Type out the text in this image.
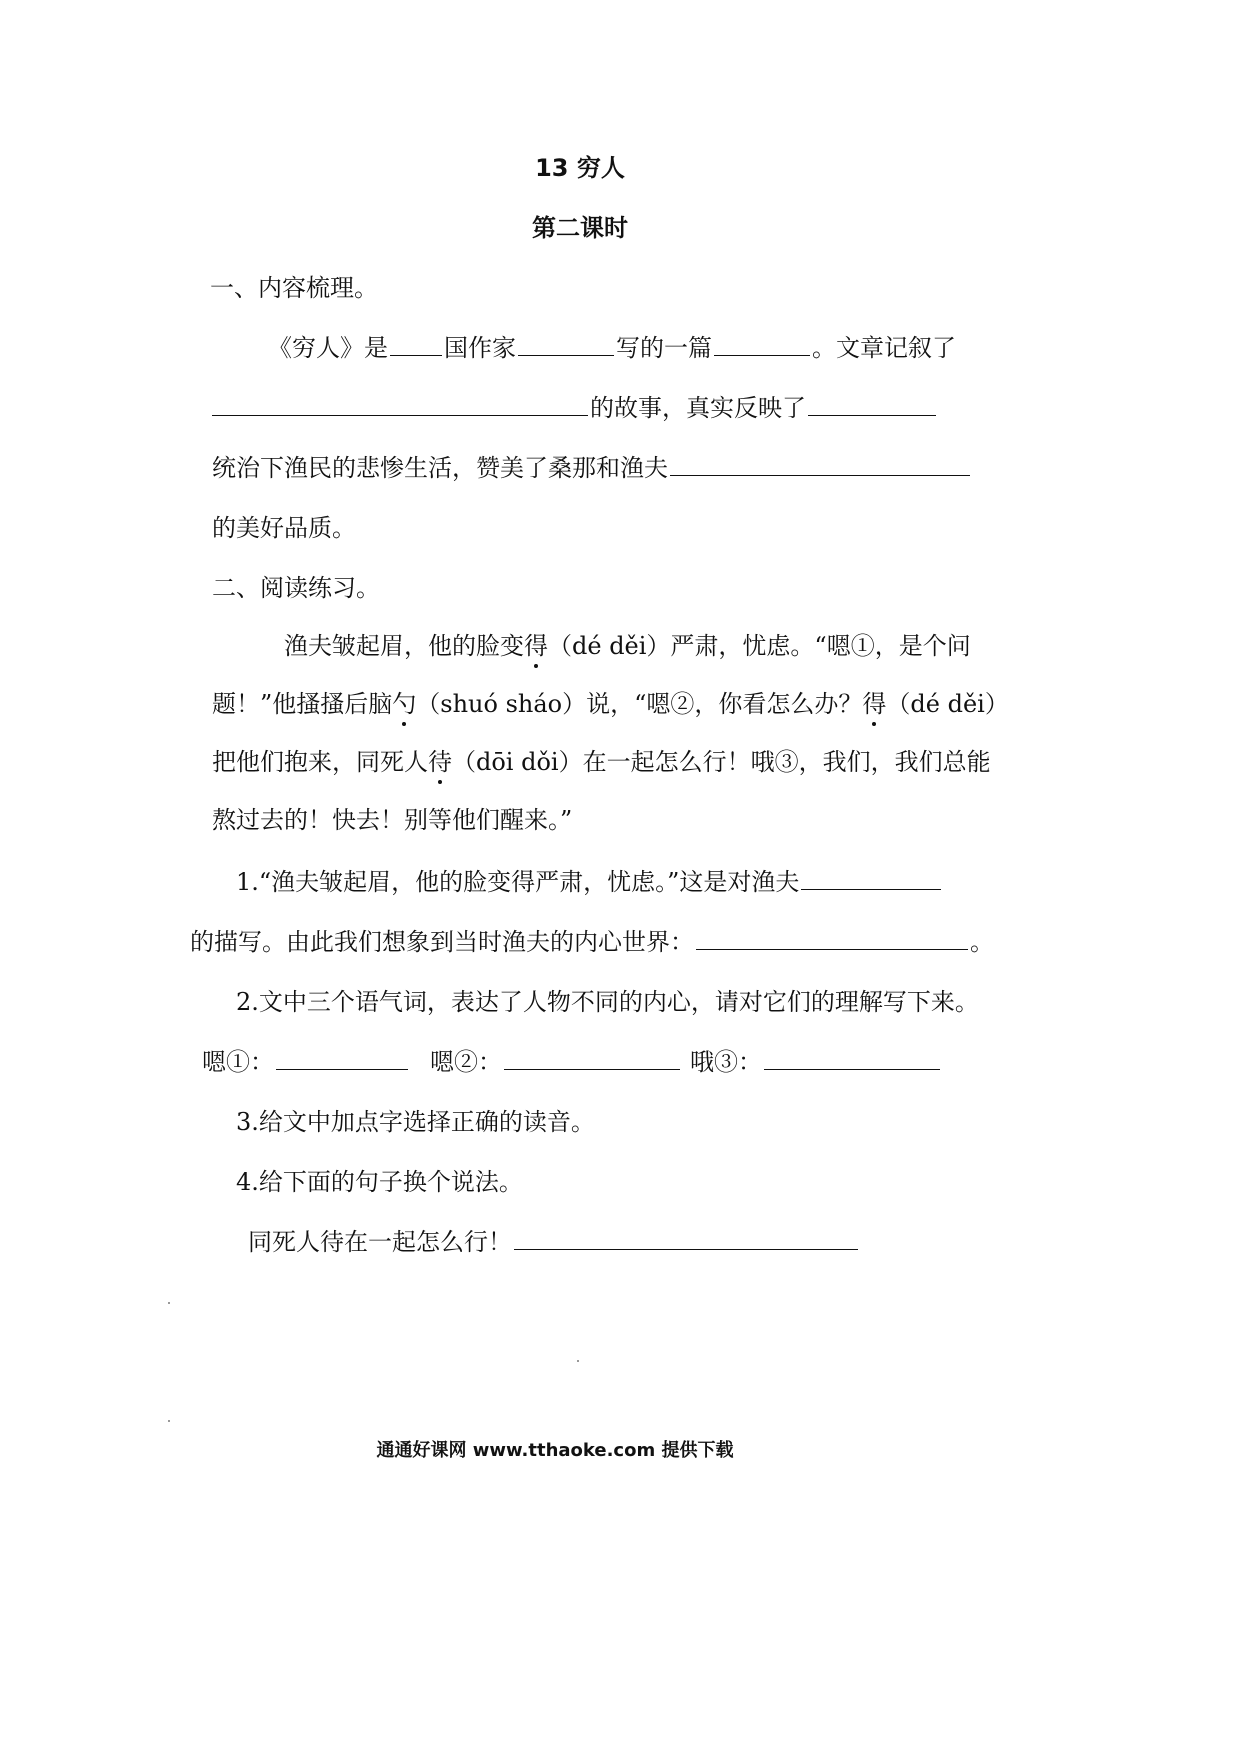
13 穷人
第二课时
一、内容梳理。
《穷人》是 国作家	写的一篇	。文章记叙了
的故事，真实反映了
统治下渔民的悲惨生活，赞美了桑那和渔夫
的美好品质。
二、阅读练习。
渔夫皱起眉，他的脸变得（dé děi）严肃，忧虑。“嗯①，是个问
题！”他搔搔后脑勺（shuó sháo）说，“嗯②，你看怎么办？得（dé děi）
把他们抱来，同死人待（dōi dǒi）在一起怎么行！哦③，我们，我们总能
熬过去的！快去！别等他们醒来。”
1.“渔夫皱起眉，他的脸变得严肃，忧虑。”这是对渔夫
的描写。由此我们想象到当时渔夫的内心世界：	。
2.文中三个语气词，表达了人物不同的内心，请对它们的理解写下来。
嗯①：	嗯②：	哦③：
3.给文中加点字选择正确的读音。
4.给下面的句子换个说法。
同死人待在一起怎么行！
通通好课网 www.tthaoke.com 提供下载
